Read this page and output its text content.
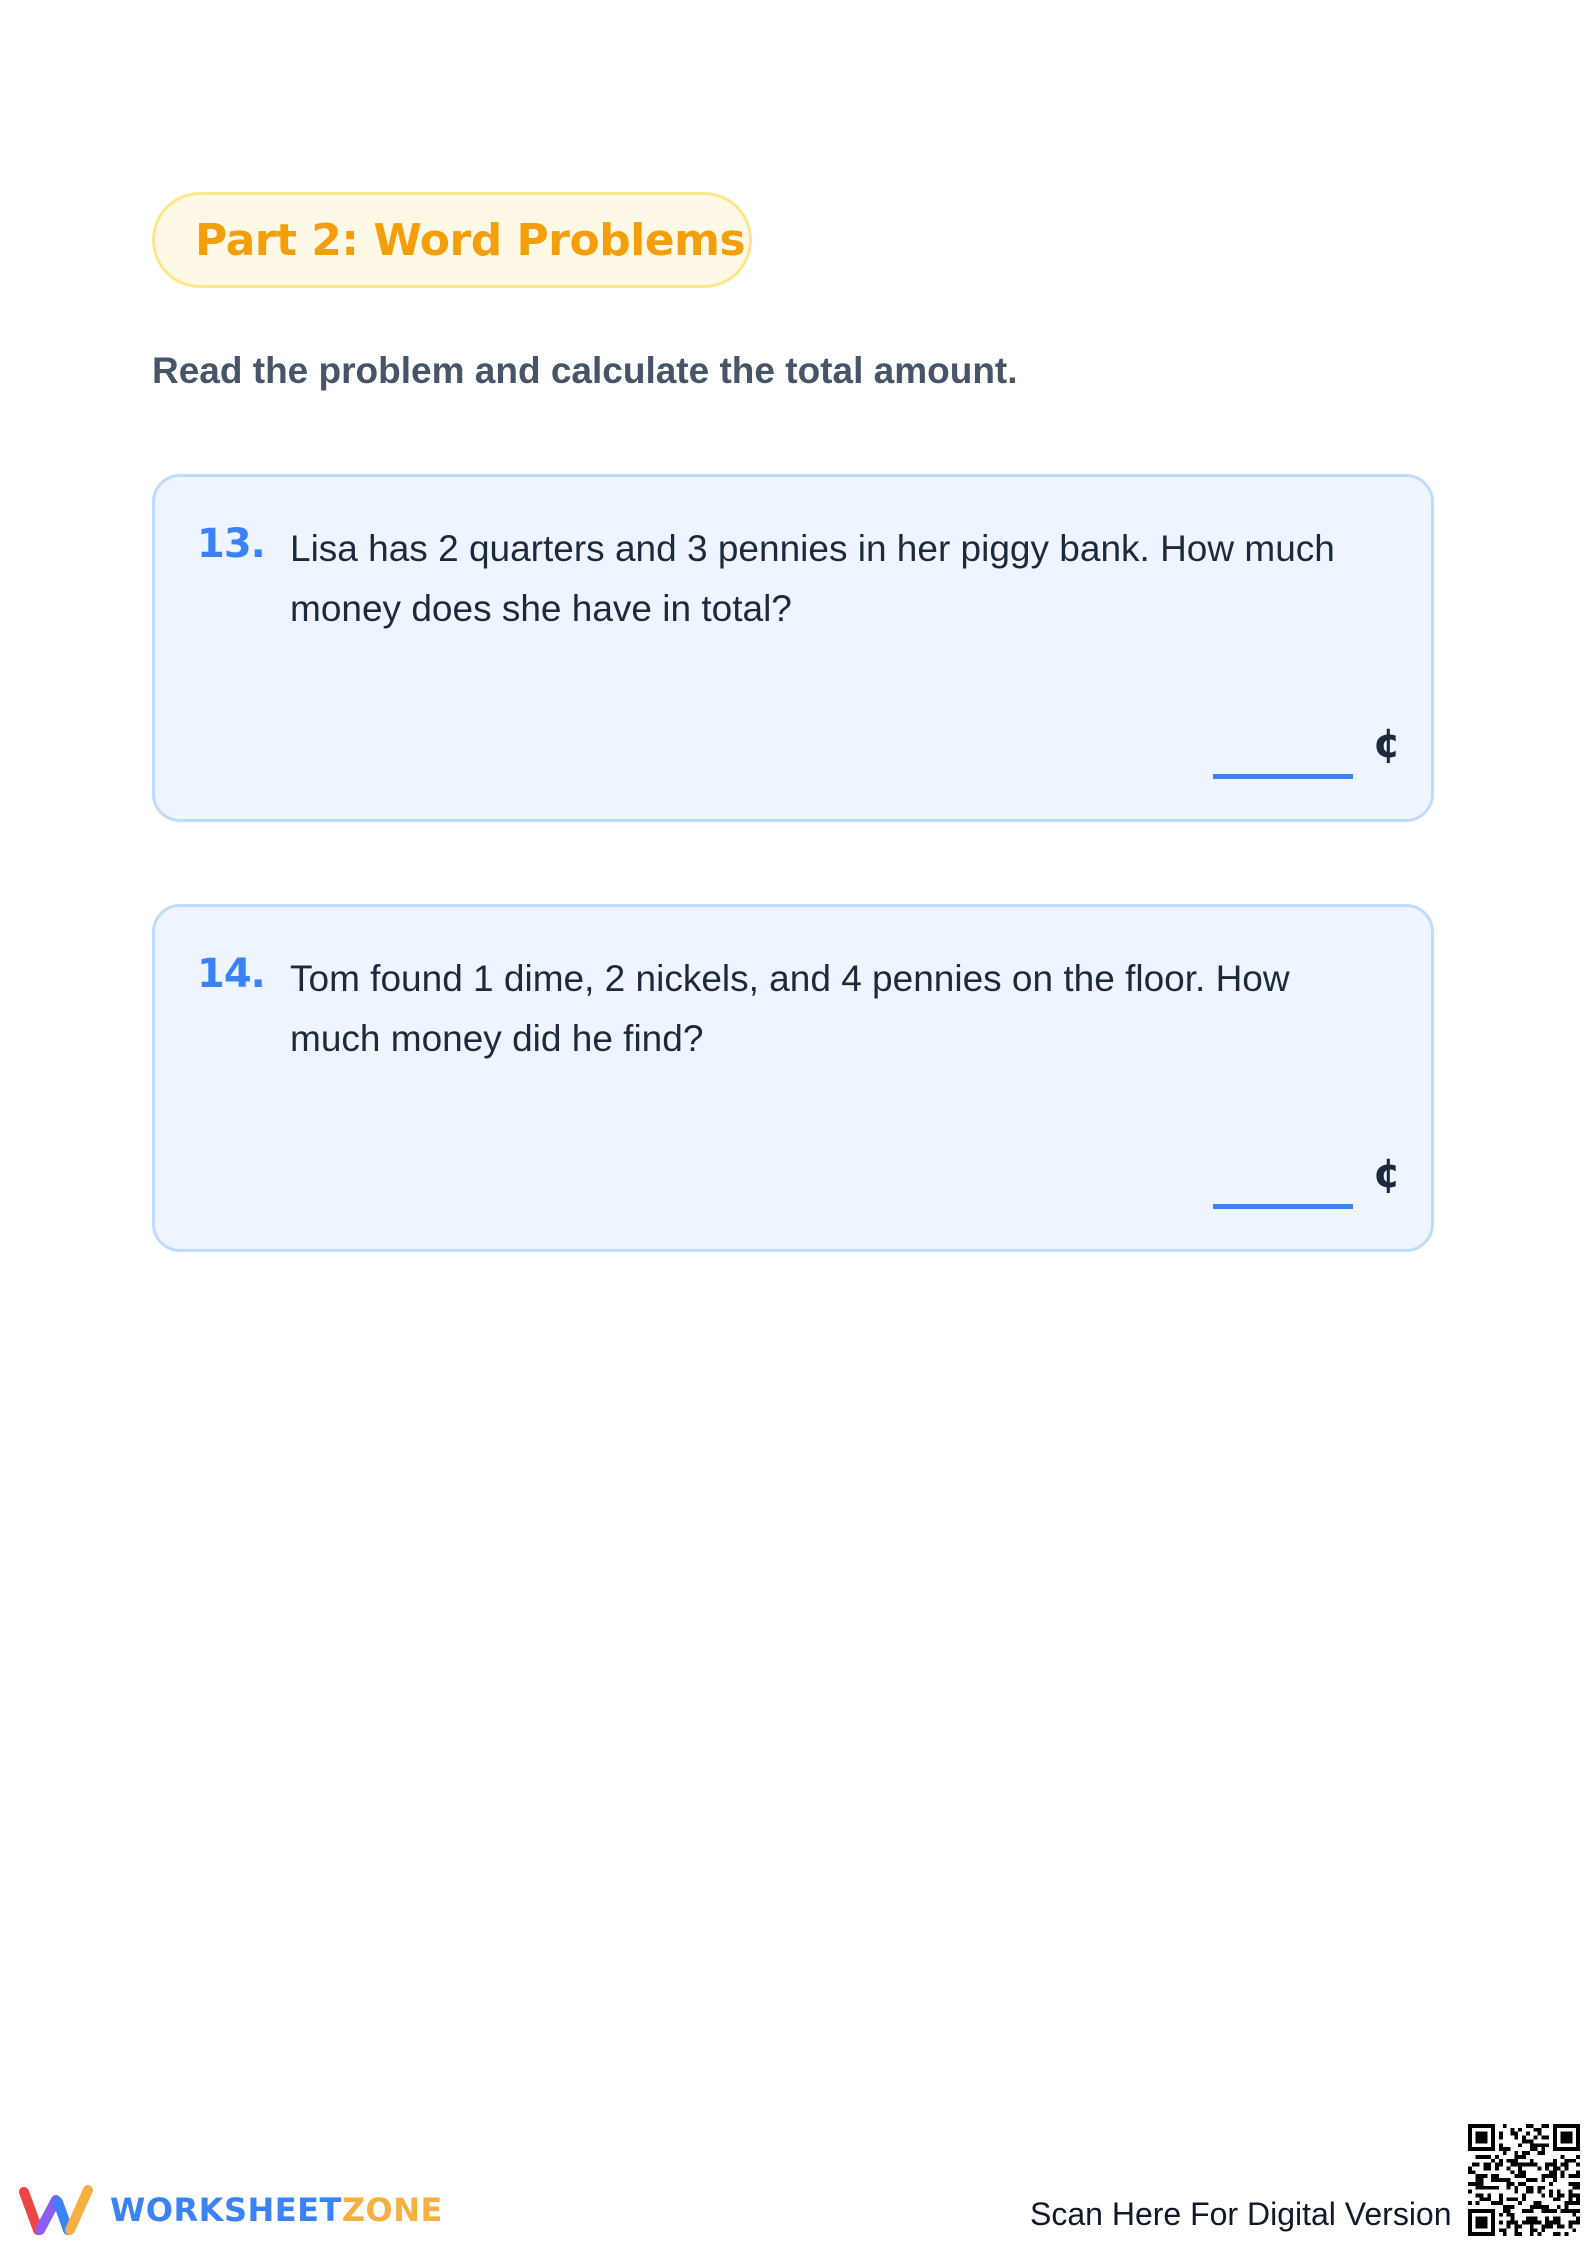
Part 2: Word Problems
Read the problem and calculate the total amount.
13. Lisa has 2 quarters and 3 pennies in her piggy bank. How much money does she have in total?
¢
14. Tom found 1 dime, 2 nickels, and 4 pennies on the floor. How much money did he find?
¢
WORKSHEETZONE	Scan Here For Digital Version
